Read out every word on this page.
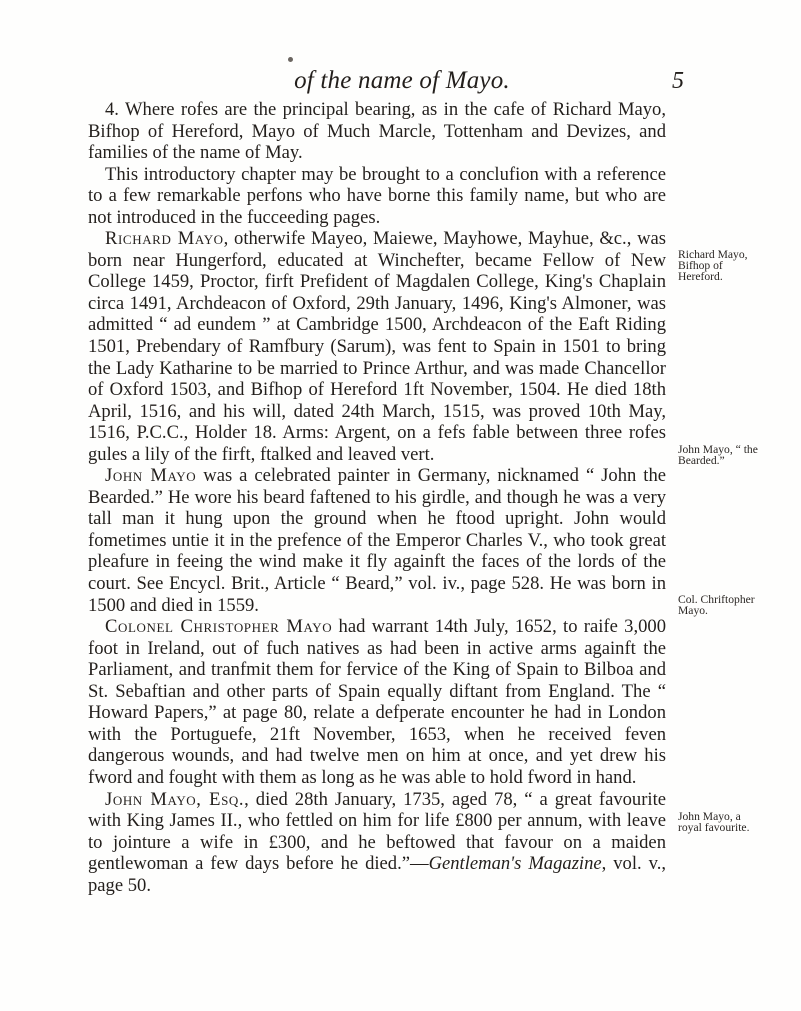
of the name of Mayo.	5

4. Where rofes are the principal bearing, as in the cafe of Richard Mayo, Bifhop of Hereford, Mayo of Much Marcle, Tottenham and Devizes, and families of the name of May.

This introductory chapter may be brought to a conclufion with a reference to a few remarkable perfons who have borne this family name, but who are not introduced in the fucceeding pages.

Richard Mayo, otherwife Mayeo, Maiewe, Mayhowe, Mayhue, &c., was born near Hungerford, educated at Winchefter, became Fellow of New College 1459, Proctor, firft Prefident of Magdalen College, King's Chaplain circa 1491, Archdeacon of Oxford, 29th January, 1496, King's Almoner, was admitted “ ad eundem ” at Cambridge 1500, Archdeacon of the Eaft Riding 1501, Prebendary of Ramfbury (Sarum), was fent to Spain in 1501 to bring the Lady Katharine to be married to Prince Arthur, and was made Chancellor of Oxford 1503, and Bifhop of Hereford 1ft November, 1504. He died 18th April, 1516, and his will, dated 24th March, 1515, was proved 10th May, 1516, P.C.C., Holder 18. Arms: Argent, on a fefs fable between three rofes gules a lily of the firft, ftalked and leaved vert.

John Mayo was a celebrated painter in Germany, nicknamed “ John the Bearded.” He wore his beard faftened to his girdle, and though he was a very tall man it hung upon the ground when he ftood upright. John would fometimes untie it in the prefence of the Emperor Charles V., who took great pleafure in feeing the wind make it fly againft the faces of the lords of the court. See Encycl. Brit., Article “ Beard,” vol. iv., page 528. He was born in 1500 and died in 1559.

Colonel Christopher Mayo had warrant 14th July, 1652, to raife 3,000 foot in Ireland, out of fuch natives as had been in active arms againft the Parliament, and tranfmit them for fervice of the King of Spain to Bilboa and St. Sebaftian and other parts of Spain equally diftant from England. The “ Howard Papers,” at page 80, relate a defperate encounter he had in London with the Portuguefe, 21ft November, 1653, when he received feven dangerous wounds, and had twelve men on him at once, and yet drew his fword and fought with them as long as he was able to hold fword in hand.

John Mayo, Esq., died 28th January, 1735, aged 78, “ a great favourite with King James II., who fettled on him for life £800 per annum, with leave to jointure a wife in £300, and he beftowed that favour on a maiden gentlewoman a few days before he died.”—Gentleman's Magazine, vol. v., page 50.

Richard Mayo, Bifhop of Hereford.
John Mayo, “ the Bearded.”
Col. Chriftopher Mayo.
John Mayo, a royal favourite.
